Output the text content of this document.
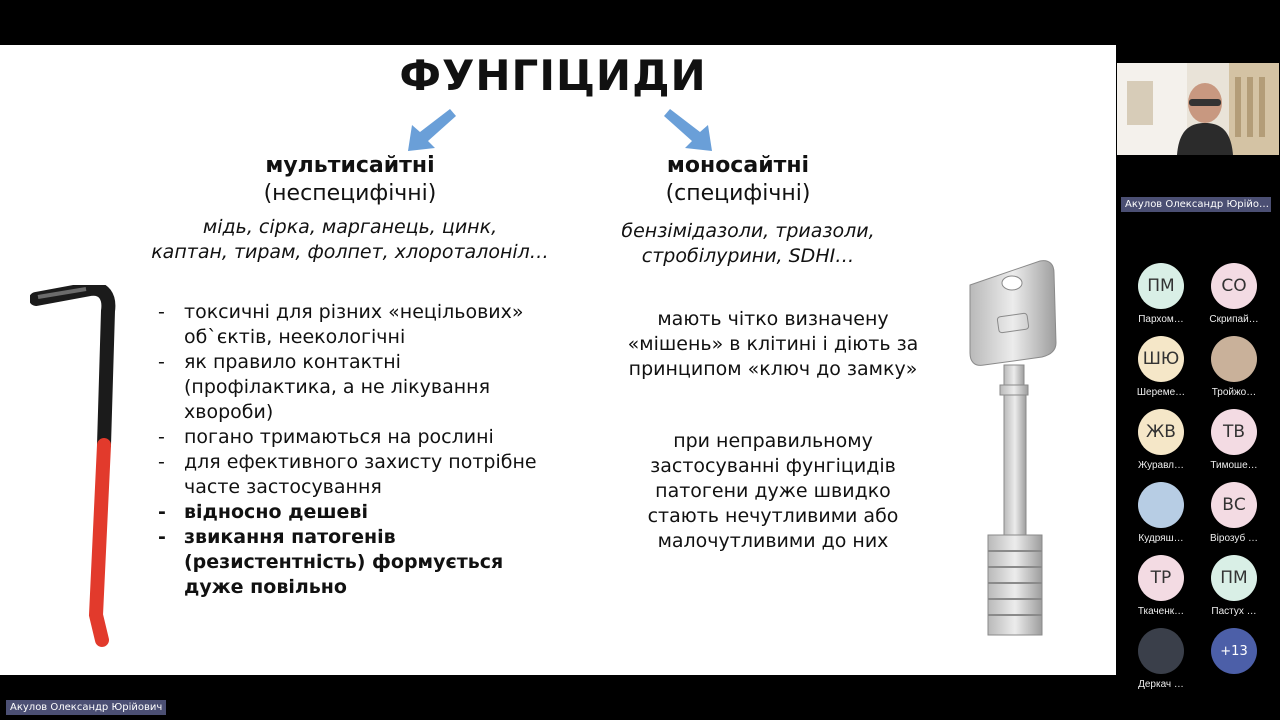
ФУНГІЦИДИ
мультисайтні
(неспецифічні)
мідь, сірка, марганець, цинк,
каптан, тирам, фолпет, хлороталоніл…
моносайтні
(специфічні)
бензімідазоли, триазоли,
стробілурини, SDHI…
- токсичні для різних «нецільових» об`єктів, неекологічні
- як правило контактні (профілактика, а не лікування хвороби)
- погано тримаються на рослині
- для ефективного захисту потрібне часте застосування
- відносно дешеві
- звикання патогенів (резистентність) формується дуже повільно
мають чітко визначену
«мішень» в клітині і діють за
принципом «ключ до замку»
при неправильному
застосуванні фунгіцидів
патогени дуже швидко
стають нечутливими або
малочутливими до них
Акулов Олександр Юрійо…
ПМ
Пархом…
СО
Скрипай…
ШЮ
Шереме…	Тройжо…
ЖВ
Журавл…
ТВ
Тимоше…
Кудряш…
ВС
Вірозуб …
ТР
Ткаченк…
ПМ
Пастух …
Деркач …
+13
Акулов Олександр Юрійович
